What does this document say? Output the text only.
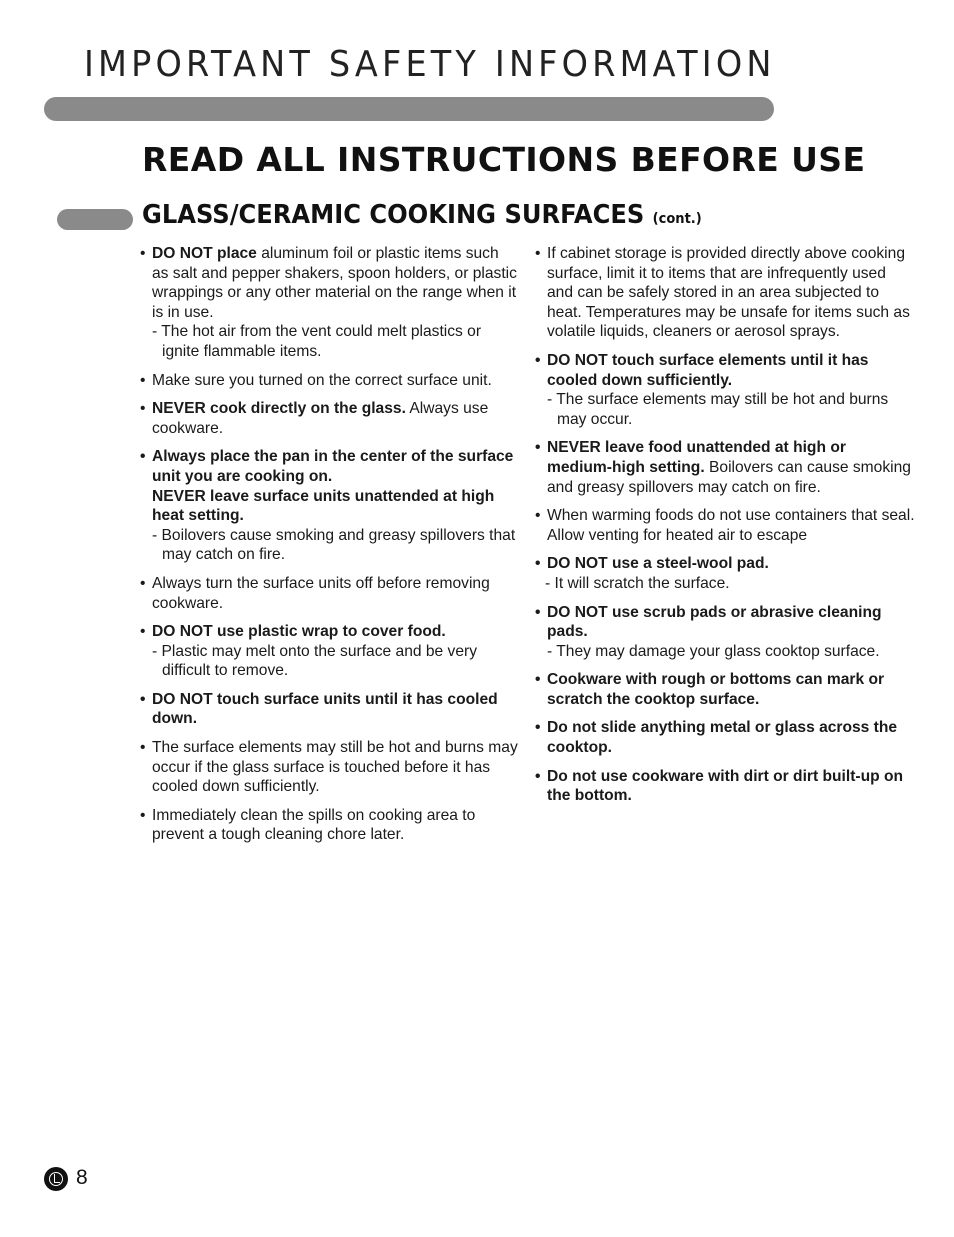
IMPORTANT SAFETY INFORMATION
READ ALL INSTRUCTIONS BEFORE USE
GLASS/CERAMIC COOKING SURFACES (cont.)
• DO NOT place aluminum foil or plastic items such as salt and pepper shakers, spoon holders, or plastic wrappings or any other material on the range when it is in use.
- The hot air from the vent could melt plastics or ignite flammable items.
• Make sure you turned on the correct surface unit.
• NEVER cook directly on the glass. Always use cookware.
• Always place the pan in the center of the surface unit you are cooking on.
NEVER leave surface units unattended at high heat setting.
- Boilovers cause smoking and greasy spillovers that may catch on fire.
• Always turn the surface units off before removing cookware.
• DO NOT use plastic wrap to cover food.
- Plastic may melt onto the surface and be very difficult to remove.
• DO NOT touch surface units until it has cooled down.
• The surface elements may still be hot and burns may occur if the glass surface is touched before it has cooled down sufficiently.
• Immediately clean the spills on cooking area to prevent a tough cleaning chore later.
• If cabinet storage is provided directly above cooking surface, limit it to items that are infrequently used and can be safely stored in an area subjected to heat. Temperatures may be unsafe for items such as volatile liquids, cleaners or aerosol sprays.
• DO NOT touch surface elements until it has cooled down sufficiently.
- The surface elements may still be hot and burns may occur.
• NEVER leave food unattended at high or medium-high setting. Boilovers can cause smoking and greasy spillovers may catch on fire.
• When warming foods do not use containers that seal. Allow venting for heated air to escape
• DO NOT use a steel-wool pad.
- It will scratch the surface.
• DO NOT use scrub pads or abrasive cleaning pads.
- They may damage your glass cooktop surface.
• Cookware with rough or bottoms can mark or scratch the cooktop surface.
• Do not slide anything metal or glass across the cooktop.
• Do not use cookware with dirt or dirt built-up on the bottom.
8
